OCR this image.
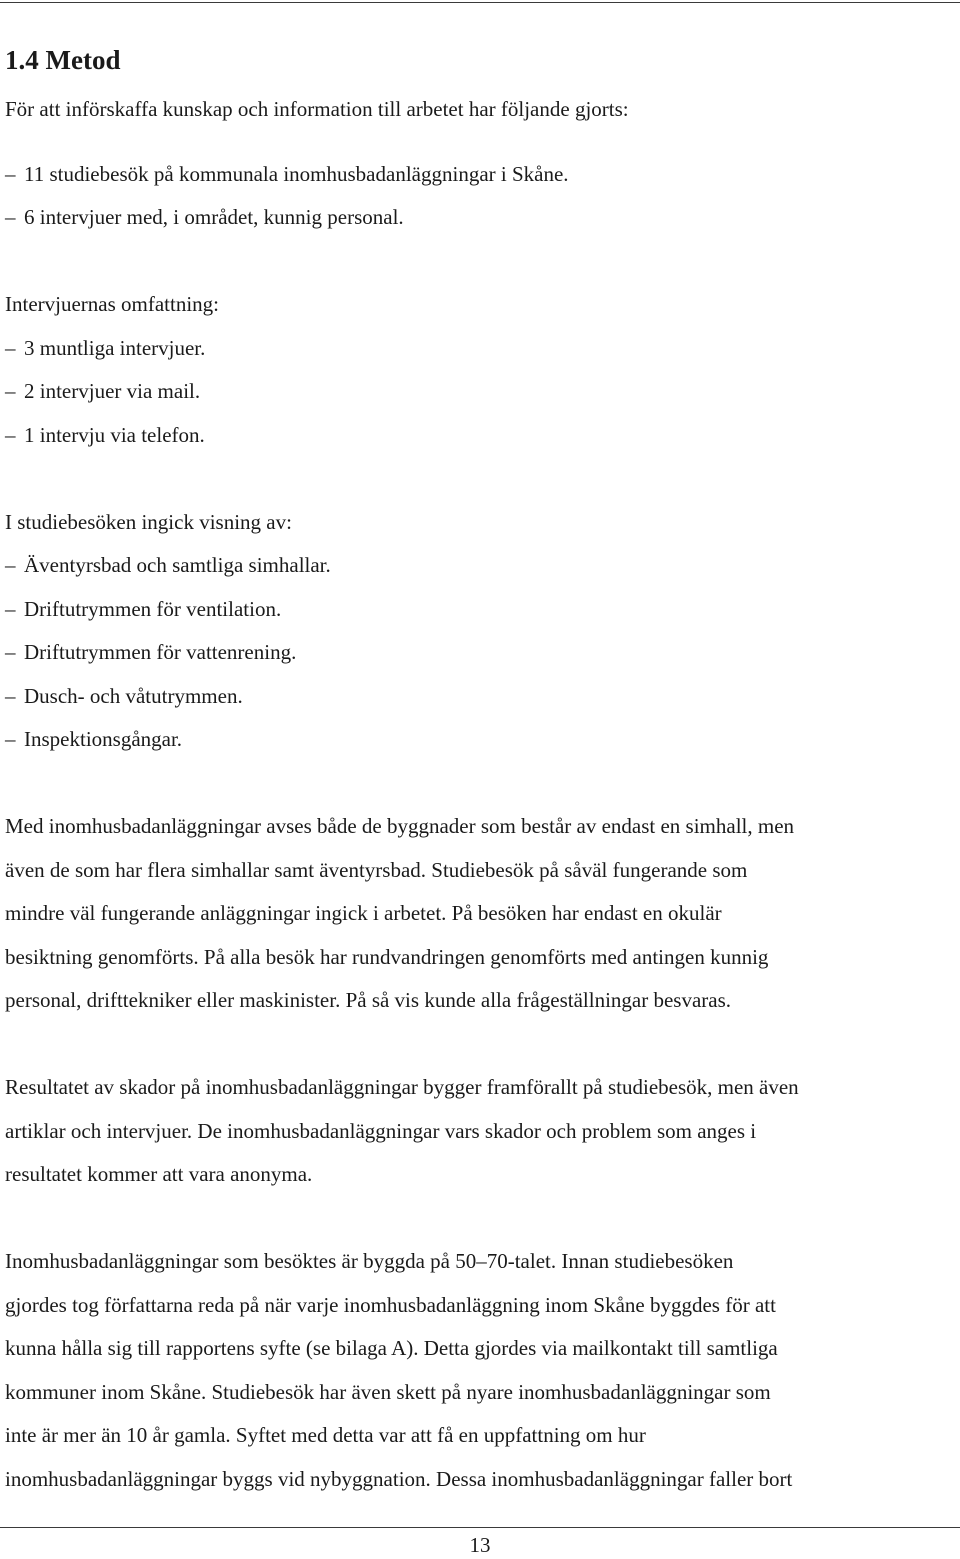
1.4 Metod

För att införskaffa kunskap och information till arbetet har följande gjorts:

– 11 studiebesök på kommunala inomhusbadanläggningar i Skåne.
– 6 intervjuer med, i området, kunnig personal.

Intervjuernas omfattning:

– 3 muntliga intervjuer.
– 2 intervjuer via mail.
– 1 intervju via telefon.

I studiebesöken ingick visning av:

– Äventyrsbad och samtliga simhallar.
– Driftutrymmen för ventilation.
– Driftutrymmen för vattenrening.
– Dusch- och våtutrymmen.
– Inspektionsgångar.

Med inomhusbadanläggningar avses både de byggnader som består av endast en simhall, men
även de som har flera simhallar samt äventyrsbad. Studiebesök på såväl fungerande som
mindre väl fungerande anläggningar ingick i arbetet. På besöken har endast en okulär
besiktning genomförts. På alla besök har rundvandringen genomförts med antingen kunnig
personal, drifttekniker eller maskinister. På så vis kunde alla frågeställningar besvaras.

Resultatet av skador på inomhusbadanläggningar bygger framförallt på studiebesök, men även
artiklar och intervjuer. De inomhusbadanläggningar vars skador och problem som anges i
resultatet kommer att vara anonyma.

Inomhusbadanläggningar som besöktes är byggda på 50–70-talet. Innan studiebesöken
gjordes tog författarna reda på när varje inomhusbadanläggning inom Skåne byggdes för att
kunna hålla sig till rapportens syfte (se bilaga A). Detta gjordes via mailkontakt till samtliga
kommuner inom Skåne. Studiebesök har även skett på nyare inomhusbadanläggningar som
inte är mer än 10 år gamla. Syftet med detta var att få en uppfattning om hur
inomhusbadanläggningar byggs vid nybyggnation. Dessa inomhusbadanläggningar faller bort

13
